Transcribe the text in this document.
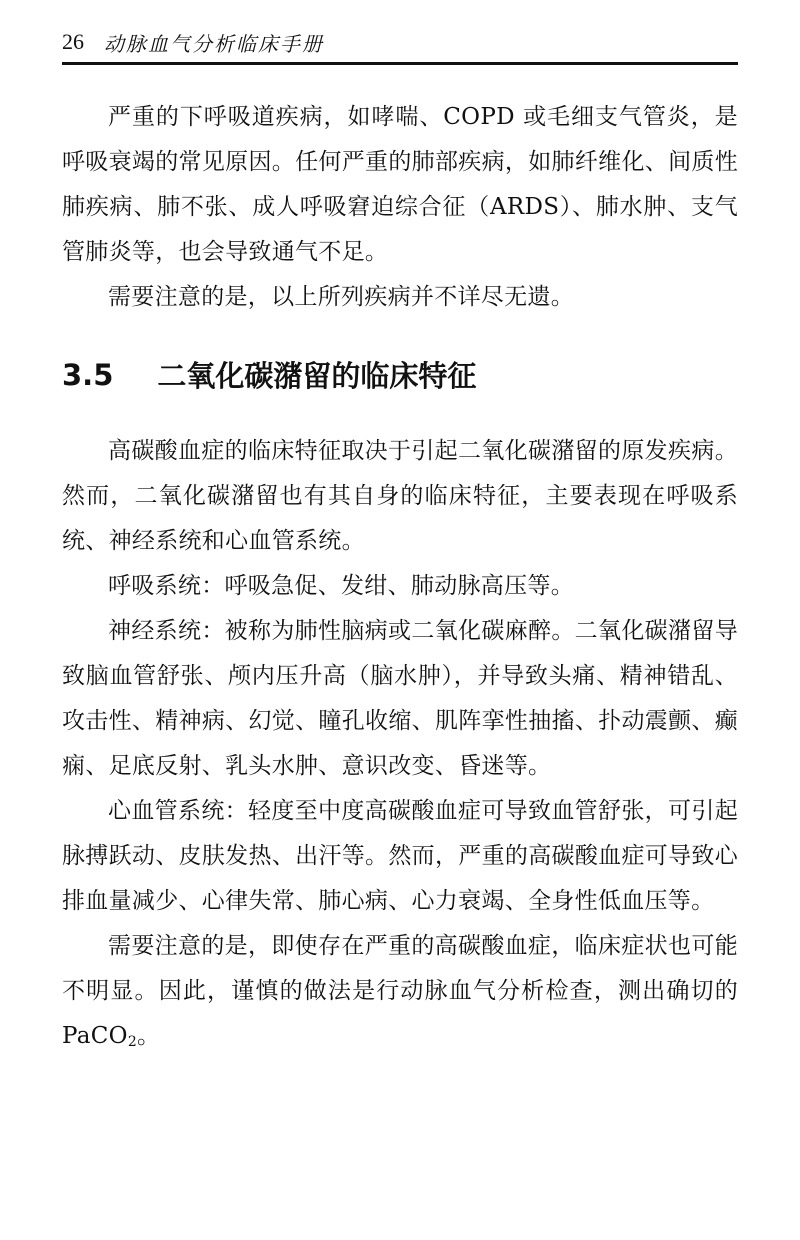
26 动脉血气分析临床手册

严重的下呼吸道疾病，如哮喘、COPD 或毛细支气管炎，是呼吸衰竭的常见原因。任何严重的肺部疾病，如肺纤维化、间质性肺疾病、肺不张、成人呼吸窘迫综合征（ARDS）、肺水肿、支气管肺炎等，也会导致通气不足。

需要注意的是，以上所列疾病并不详尽无遗。

3.5 二氧化碳潴留的临床特征

高碳酸血症的临床特征取决于引起二氧化碳潴留的原发疾病。然而，二氧化碳潴留也有其自身的临床特征，主要表现在呼吸系统、神经系统和心血管系统。

呼吸系统：呼吸急促、发绀、肺动脉高压等。

神经系统：被称为肺性脑病或二氧化碳麻醉。二氧化碳潴留导致脑血管舒张、颅内压升高（脑水肿），并导致头痛、精神错乱、攻击性、精神病、幻觉、瞳孔收缩、肌阵挛性抽搐、扑动震颤、癫痫、足底反射、乳头水肿、意识改变、昏迷等。

心血管系统：轻度至中度高碳酸血症可导致血管舒张，可引起脉搏跃动、皮肤发热、出汗等。然而，严重的高碳酸血症可导致心排血量减少、心律失常、肺心病、心力衰竭、全身性低血压等。

需要注意的是，即使存在严重的高碳酸血症，临床症状也可能不明显。因此，谨慎的做法是行动脉血气分析检查，测出确切的 PaCO$_2$。
